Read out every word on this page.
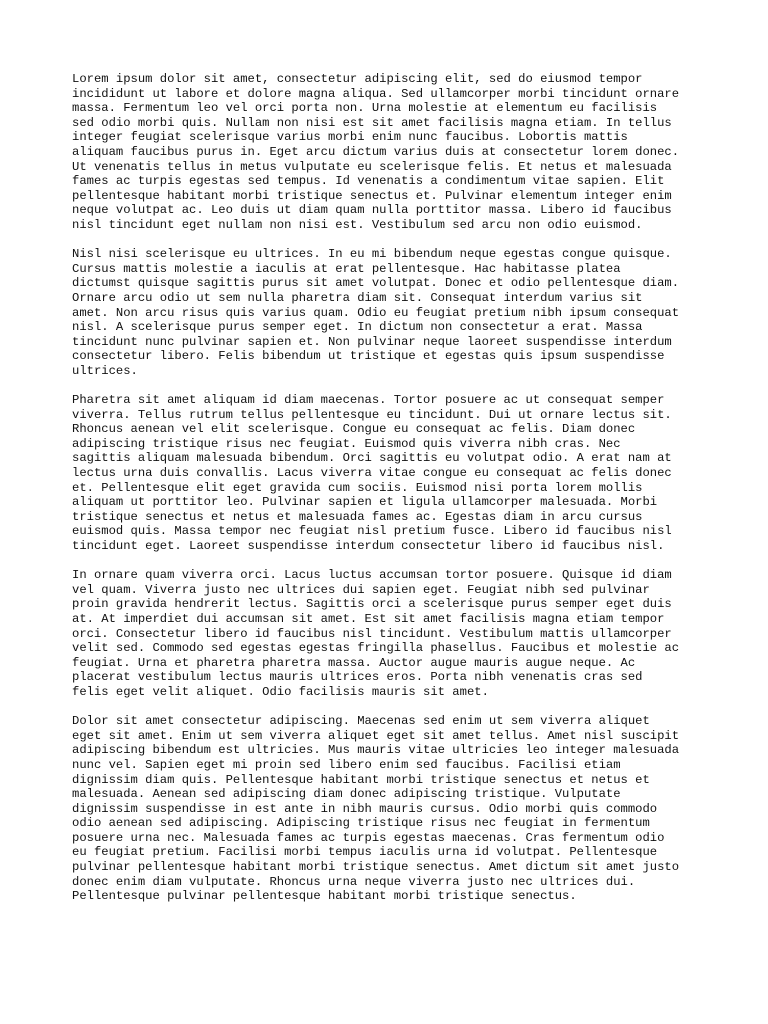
Lorem ipsum dolor sit amet, consectetur adipiscing elit, sed do eiusmod tempor
incididunt ut labore et dolore magna aliqua. Sed ullamcorper morbi tincidunt ornare
massa. Fermentum leo vel orci porta non. Urna molestie at elementum eu facilisis
sed odio morbi quis. Nullam non nisi est sit amet facilisis magna etiam. In tellus
integer feugiat scelerisque varius morbi enim nunc faucibus. Lobortis mattis
aliquam faucibus purus in. Eget arcu dictum varius duis at consectetur lorem donec.
Ut venenatis tellus in metus vulputate eu scelerisque felis. Et netus et malesuada
fames ac turpis egestas sed tempus. Id venenatis a condimentum vitae sapien. Elit
pellentesque habitant morbi tristique senectus et. Pulvinar elementum integer enim
neque volutpat ac. Leo duis ut diam quam nulla porttitor massa. Libero id faucibus
nisl tincidunt eget nullam non nisi est. Vestibulum sed arcu non odio euismod.

Nisl nisi scelerisque eu ultrices. In eu mi bibendum neque egestas congue quisque.
Cursus mattis molestie a iaculis at erat pellentesque. Hac habitasse platea
dictumst quisque sagittis purus sit amet volutpat. Donec et odio pellentesque diam.
Ornare arcu odio ut sem nulla pharetra diam sit. Consequat interdum varius sit
amet. Non arcu risus quis varius quam. Odio eu feugiat pretium nibh ipsum consequat
nisl. A scelerisque purus semper eget. In dictum non consectetur a erat. Massa
tincidunt nunc pulvinar sapien et. Non pulvinar neque laoreet suspendisse interdum
consectetur libero. Felis bibendum ut tristique et egestas quis ipsum suspendisse
ultrices.

Pharetra sit amet aliquam id diam maecenas. Tortor posuere ac ut consequat semper
viverra. Tellus rutrum tellus pellentesque eu tincidunt. Dui ut ornare lectus sit.
Rhoncus aenean vel elit scelerisque. Congue eu consequat ac felis. Diam donec
adipiscing tristique risus nec feugiat. Euismod quis viverra nibh cras. Nec
sagittis aliquam malesuada bibendum. Orci sagittis eu volutpat odio. A erat nam at
lectus urna duis convallis. Lacus viverra vitae congue eu consequat ac felis donec
et. Pellentesque elit eget gravida cum sociis. Euismod nisi porta lorem mollis
aliquam ut porttitor leo. Pulvinar sapien et ligula ullamcorper malesuada. Morbi
tristique senectus et netus et malesuada fames ac. Egestas diam in arcu cursus
euismod quis. Massa tempor nec feugiat nisl pretium fusce. Libero id faucibus nisl
tincidunt eget. Laoreet suspendisse interdum consectetur libero id faucibus nisl.

In ornare quam viverra orci. Lacus luctus accumsan tortor posuere. Quisque id diam
vel quam. Viverra justo nec ultrices dui sapien eget. Feugiat nibh sed pulvinar
proin gravida hendrerit lectus. Sagittis orci a scelerisque purus semper eget duis
at. At imperdiet dui accumsan sit amet. Est sit amet facilisis magna etiam tempor
orci. Consectetur libero id faucibus nisl tincidunt. Vestibulum mattis ullamcorper
velit sed. Commodo sed egestas egestas fringilla phasellus. Faucibus et molestie ac
feugiat. Urna et pharetra pharetra massa. Auctor augue mauris augue neque. Ac
placerat vestibulum lectus mauris ultrices eros. Porta nibh venenatis cras sed
felis eget velit aliquet. Odio facilisis mauris sit amet.

Dolor sit amet consectetur adipiscing. Maecenas sed enim ut sem viverra aliquet
eget sit amet. Enim ut sem viverra aliquet eget sit amet tellus. Amet nisl suscipit
adipiscing bibendum est ultricies. Mus mauris vitae ultricies leo integer malesuada
nunc vel. Sapien eget mi proin sed libero enim sed faucibus. Facilisi etiam
dignissim diam quis. Pellentesque habitant morbi tristique senectus et netus et
malesuada. Aenean sed adipiscing diam donec adipiscing tristique. Vulputate
dignissim suspendisse in est ante in nibh mauris cursus. Odio morbi quis commodo
odio aenean sed adipiscing. Adipiscing tristique risus nec feugiat in fermentum
posuere urna nec. Malesuada fames ac turpis egestas maecenas. Cras fermentum odio
eu feugiat pretium. Facilisi morbi tempus iaculis urna id volutpat. Pellentesque
pulvinar pellentesque habitant morbi tristique senectus. Amet dictum sit amet justo
donec enim diam vulputate. Rhoncus urna neque viverra justo nec ultrices dui.
Pellentesque pulvinar pellentesque habitant morbi tristique senectus.
